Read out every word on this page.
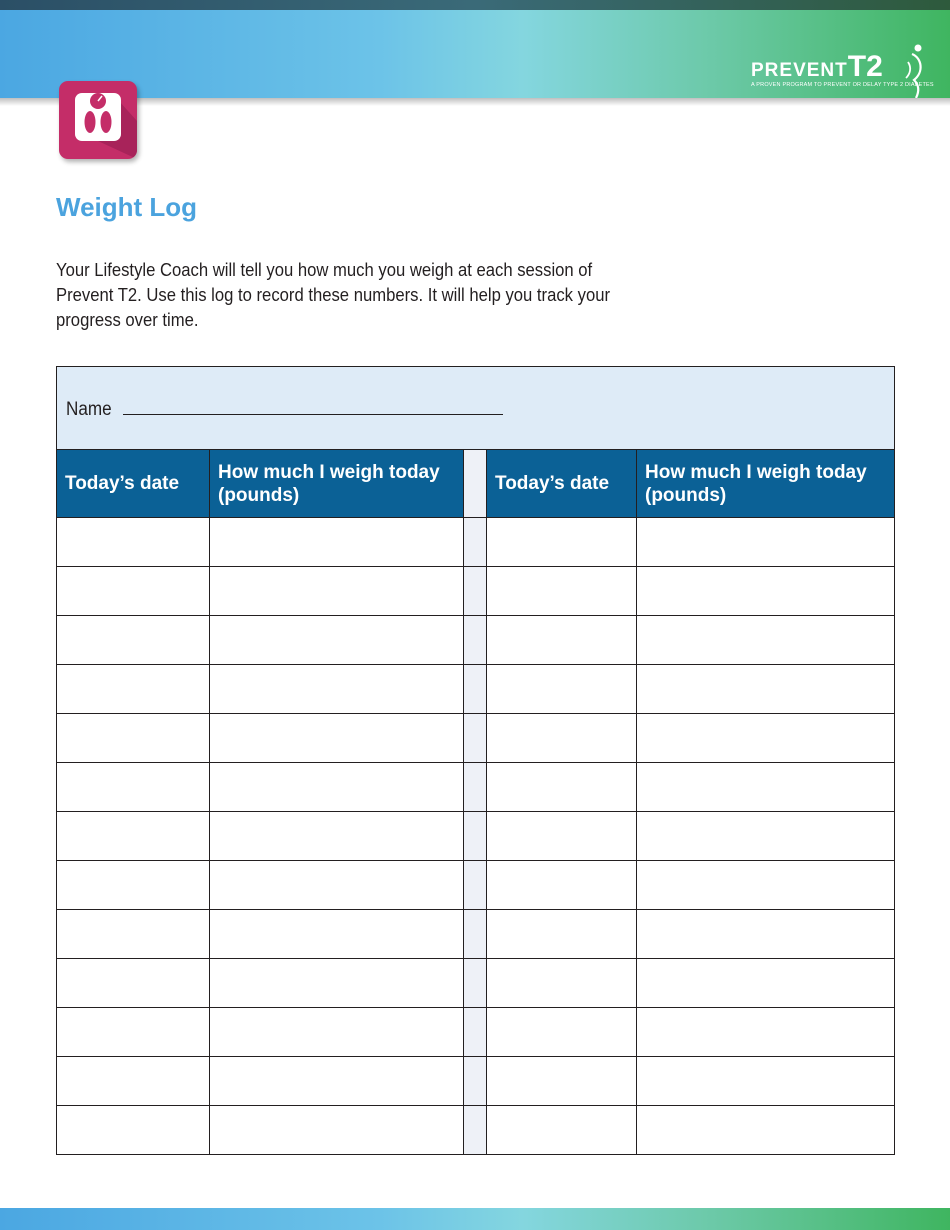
PREVENTT2
A PROVEN PROGRAM TO PREVENT OR DELAY TYPE 2 DIABETES
Weight Log

Your Lifestyle Coach will tell you how much you weigh at each session of Prevent T2. Use this log to record these numbers. It will help you track your progress over time.

Name				
Today’s date	How much I weigh today (pounds)		Today’s date	How much I weigh today (pounds)
